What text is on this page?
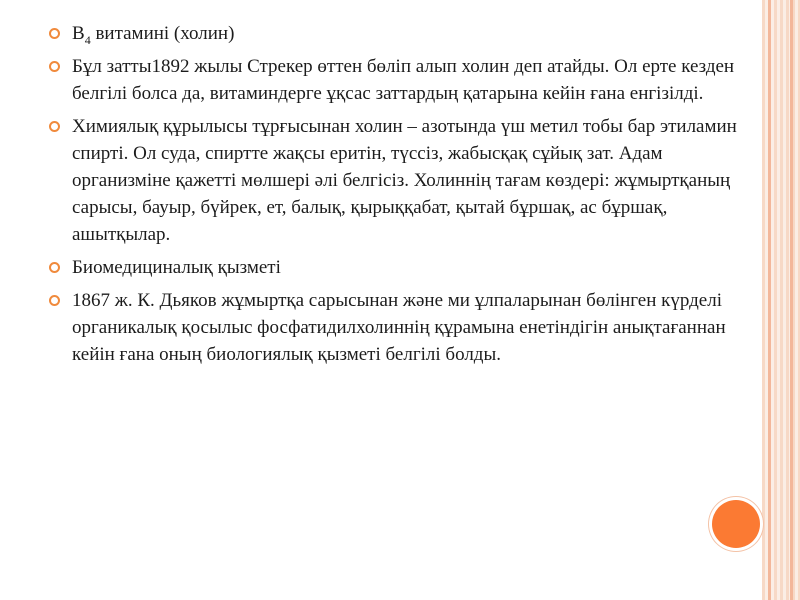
$B_4$ витамині (холин)
Бұл затты1892 жылы Стрекер өттен бөліп алып холин деп атайды. Ол ерте кезден белгілі болса да, витаминдерге ұқсас заттардың қатарына кейін ғана енгізілді.
Химиялық құрылысы тұрғысынан холин – азотында үш метил тобы бар этиламин спирті. Ол суда, спиртте жақсы еритін, түссіз, жабысқақ сұйық зат. Адам организміне қажетті мөлшері әлі белгісіз. Холиннің тағам көздері: жұмыртқаның сарысы, бауыр, бүйрек, ет, балық, қырыққабат, қытай бұршақ, ас бұршақ, ашытқылар.
Биомедициналық қызметі
1867 ж. К. Дьяков жұмыртқа сарысынан және ми ұлпаларынан бөлінген күрделі органикалық қосылыс фосфатидилхолиннің құрамына енетіндігін анықтағаннан кейін ғана оның биологиялық қызметі белгілі болды.
